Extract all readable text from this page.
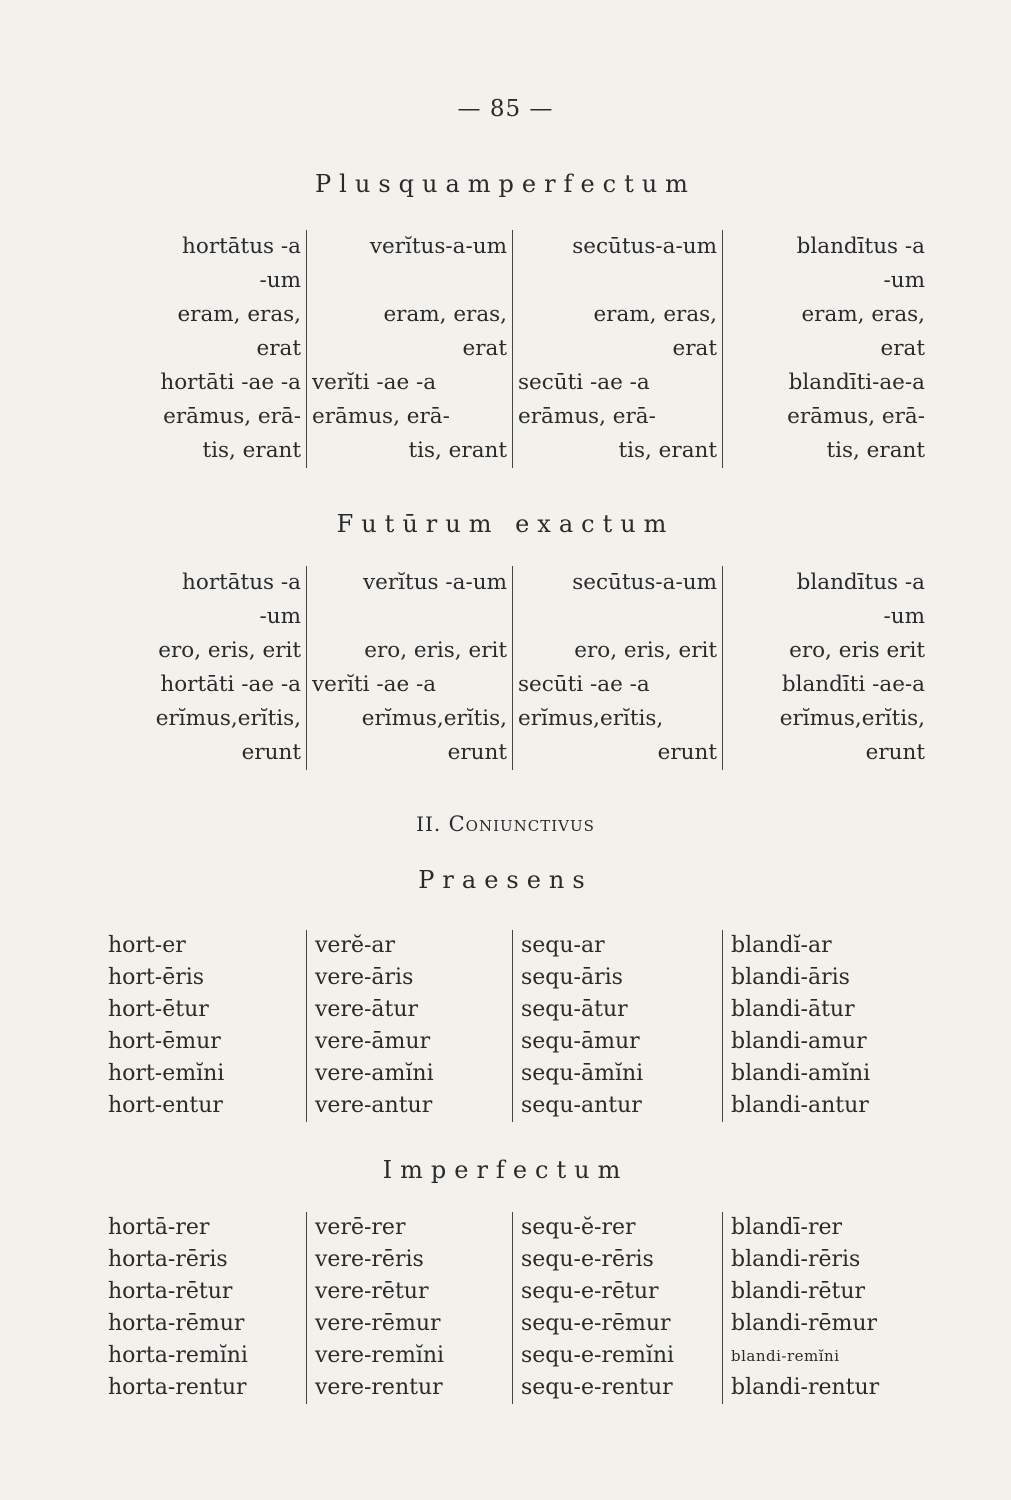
— 85 —
Plusquamperfectum
hortātus -a
-um
eram, eras,
erat
hortāti -ae -a
erāmus, erā-
tis, erant
verĭtus-a-um

eram, eras,
erat
verĭti -ae -a
erāmus, erā-
tis, erant
secūtus-a-um

eram, eras,
erat
secūti -ae -a
erāmus, erā-
tis, erant
blandītus -a
-um
eram, eras,
erat
blandīti-ae-a
erāmus, erā-
tis, erant
Futūrum exactum
hortātus -a
-um
ero, eris, erit
hortāti -ae -a
erĭmus,erĭtis,
erunt
verĭtus -a-um

ero, eris, erit
verĭti -ae -a
erĭmus,erĭtis,
erunt
secūtus-a-um

ero, eris, erit
secūti -ae -a
erĭmus,erĭtis,
erunt
blandītus -a
-um
ero, eris erit
blandīti -ae-a
erĭmus,erĭtis,
erunt
II. Coniunctivus
Praesens
hort-er
hort-ēris
hort-ētur
hort-ēmur
hort-emĭni
hort-entur
verĕ-ar
vere-āris
vere-ātur
vere-āmur
vere-amĭni
vere-antur
sequ-ar
sequ-āris
sequ-ātur
sequ-āmur
sequ-āmĭni
sequ-antur
blandĭ-ar
blandi-āris
blandi-ātur
blandi-amur
blandi-amĭni
blandi-antur
Imperfectum
hortā-rer
horta-rēris
horta-rētur
horta-rēmur
horta-remĭni
horta-rentur
verē-rer
vere-rēris
vere-rētur
vere-rēmur
vere-remĭni
vere-rentur
sequ-ĕ-rer
sequ-e-rēris
sequ-e-rētur
sequ-e-rēmur
sequ-e-remĭni
sequ-e-rentur
blandī-rer
blandi-rēris
blandi-rētur
blandi-rēmur
blandi-remĭni
blandi-rentur
